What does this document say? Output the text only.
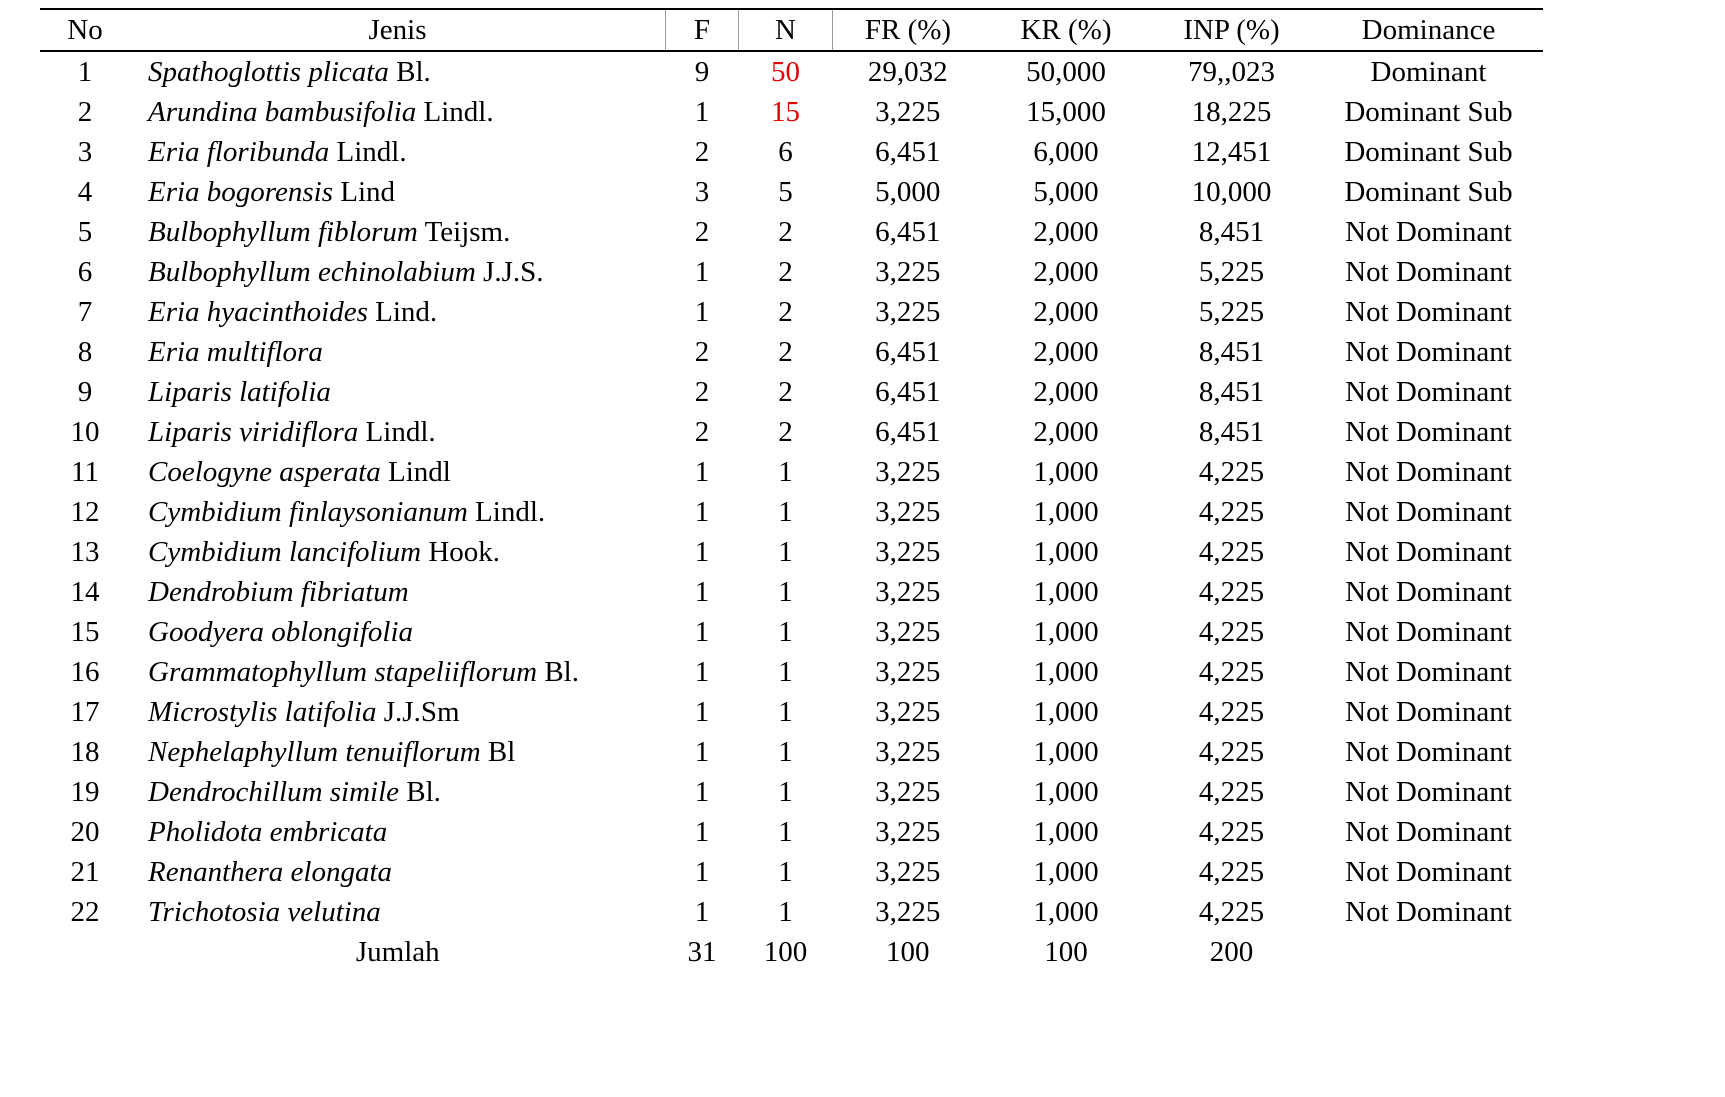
No	Jenis	F	N	FR (%)	KR (%)	INP (%)	Dominance
1	Spathoglottis plicata Bl.	9	50	29,032	50,000	79,,023	Dominant
2	Arundina bambusifolia Lindl.	1	15	3,225	15,000	18,225	Dominant Sub
3	Eria floribunda Lindl.	2	6	6,451	6,000	12,451	Dominant Sub
4	Eria bogorensis Lind	3	5	5,000	5,000	10,000	Dominant Sub
5	Bulbophyllum fiblorum Teijsm.	2	2	6,451	2,000	8,451	Not Dominant
6	Bulbophyllum echinolabium J.J.S.	1	2	3,225	2,000	5,225	Not Dominant
7	Eria hyacinthoides Lind.	1	2	3,225	2,000	5,225	Not Dominant
8	Eria multiflora	2	2	6,451	2,000	8,451	Not Dominant
9	Liparis latifolia	2	2	6,451	2,000	8,451	Not Dominant
10	Liparis viridiflora Lindl.	2	2	6,451	2,000	8,451	Not Dominant
11	Coelogyne asperata Lindl	1	1	3,225	1,000	4,225	Not Dominant
12	Cymbidium finlaysonianum Lindl.	1	1	3,225	1,000	4,225	Not Dominant
13	Cymbidium lancifolium Hook.	1	1	3,225	1,000	4,225	Not Dominant
14	Dendrobium fibriatum	1	1	3,225	1,000	4,225	Not Dominant
15	Goodyera oblongifolia	1	1	3,225	1,000	4,225	Not Dominant
16	Grammatophyllum stapeliiflorum Bl.	1	1	3,225	1,000	4,225	Not Dominant
17	Microstylis latifolia J.J.Sm	1	1	3,225	1,000	4,225	Not Dominant
18	Nephelaphyllum tenuiflorum Bl	1	1	3,225	1,000	4,225	Not Dominant
19	Dendrochillum simile Bl.	1	1	3,225	1,000	4,225	Not Dominant
20	Pholidota embricata	1	1	3,225	1,000	4,225	Not Dominant
21	Renanthera elongata	1	1	3,225	1,000	4,225	Not Dominant
22	Trichotosia velutina	1	1	3,225	1,000	4,225	Not Dominant
	Jumlah	31	100	100	100	200	
